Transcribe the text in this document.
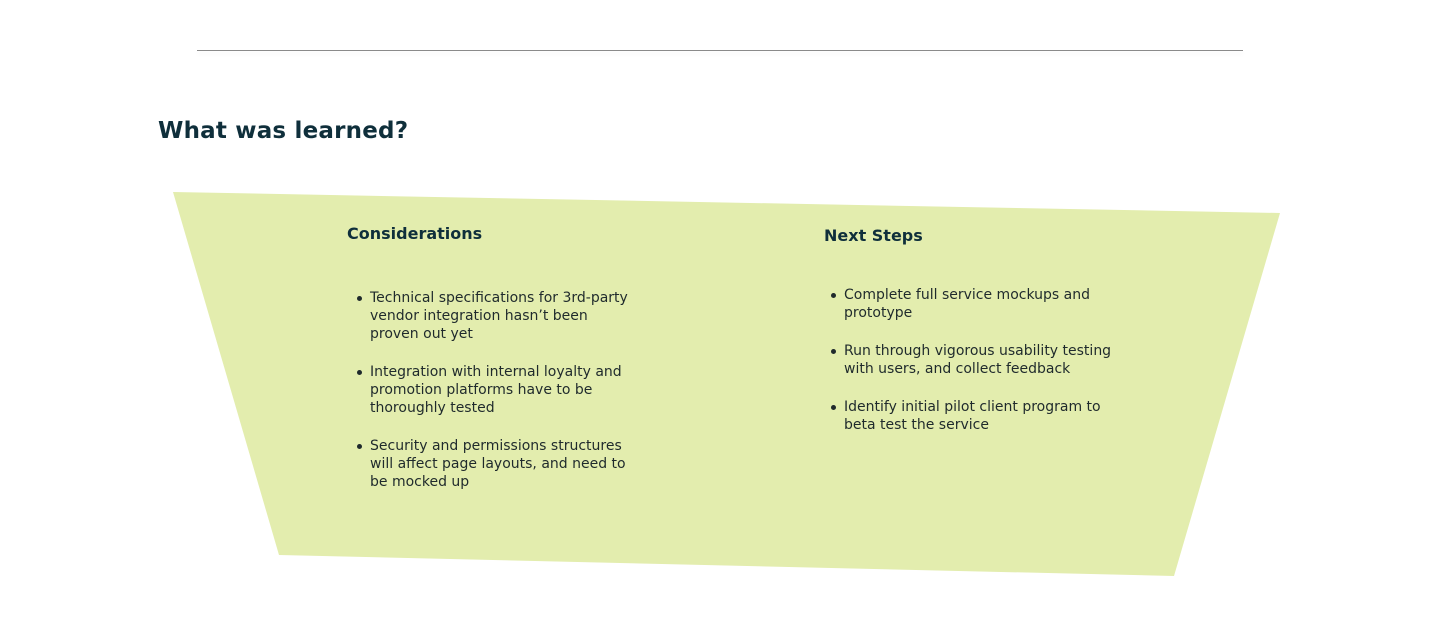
What was learned?
Considerations
Technical specifications for 3rd-party vendor integration hasn’t been proven out yet
Integration with internal loyalty and promotion platforms have to be thoroughly tested
Security and permissions structures will affect page layouts, and need to be mocked up
Next Steps
Complete full service mockups and prototype
Run through vigorous usability testing with users, and collect feedback
Identify initial pilot client program to beta test the service
